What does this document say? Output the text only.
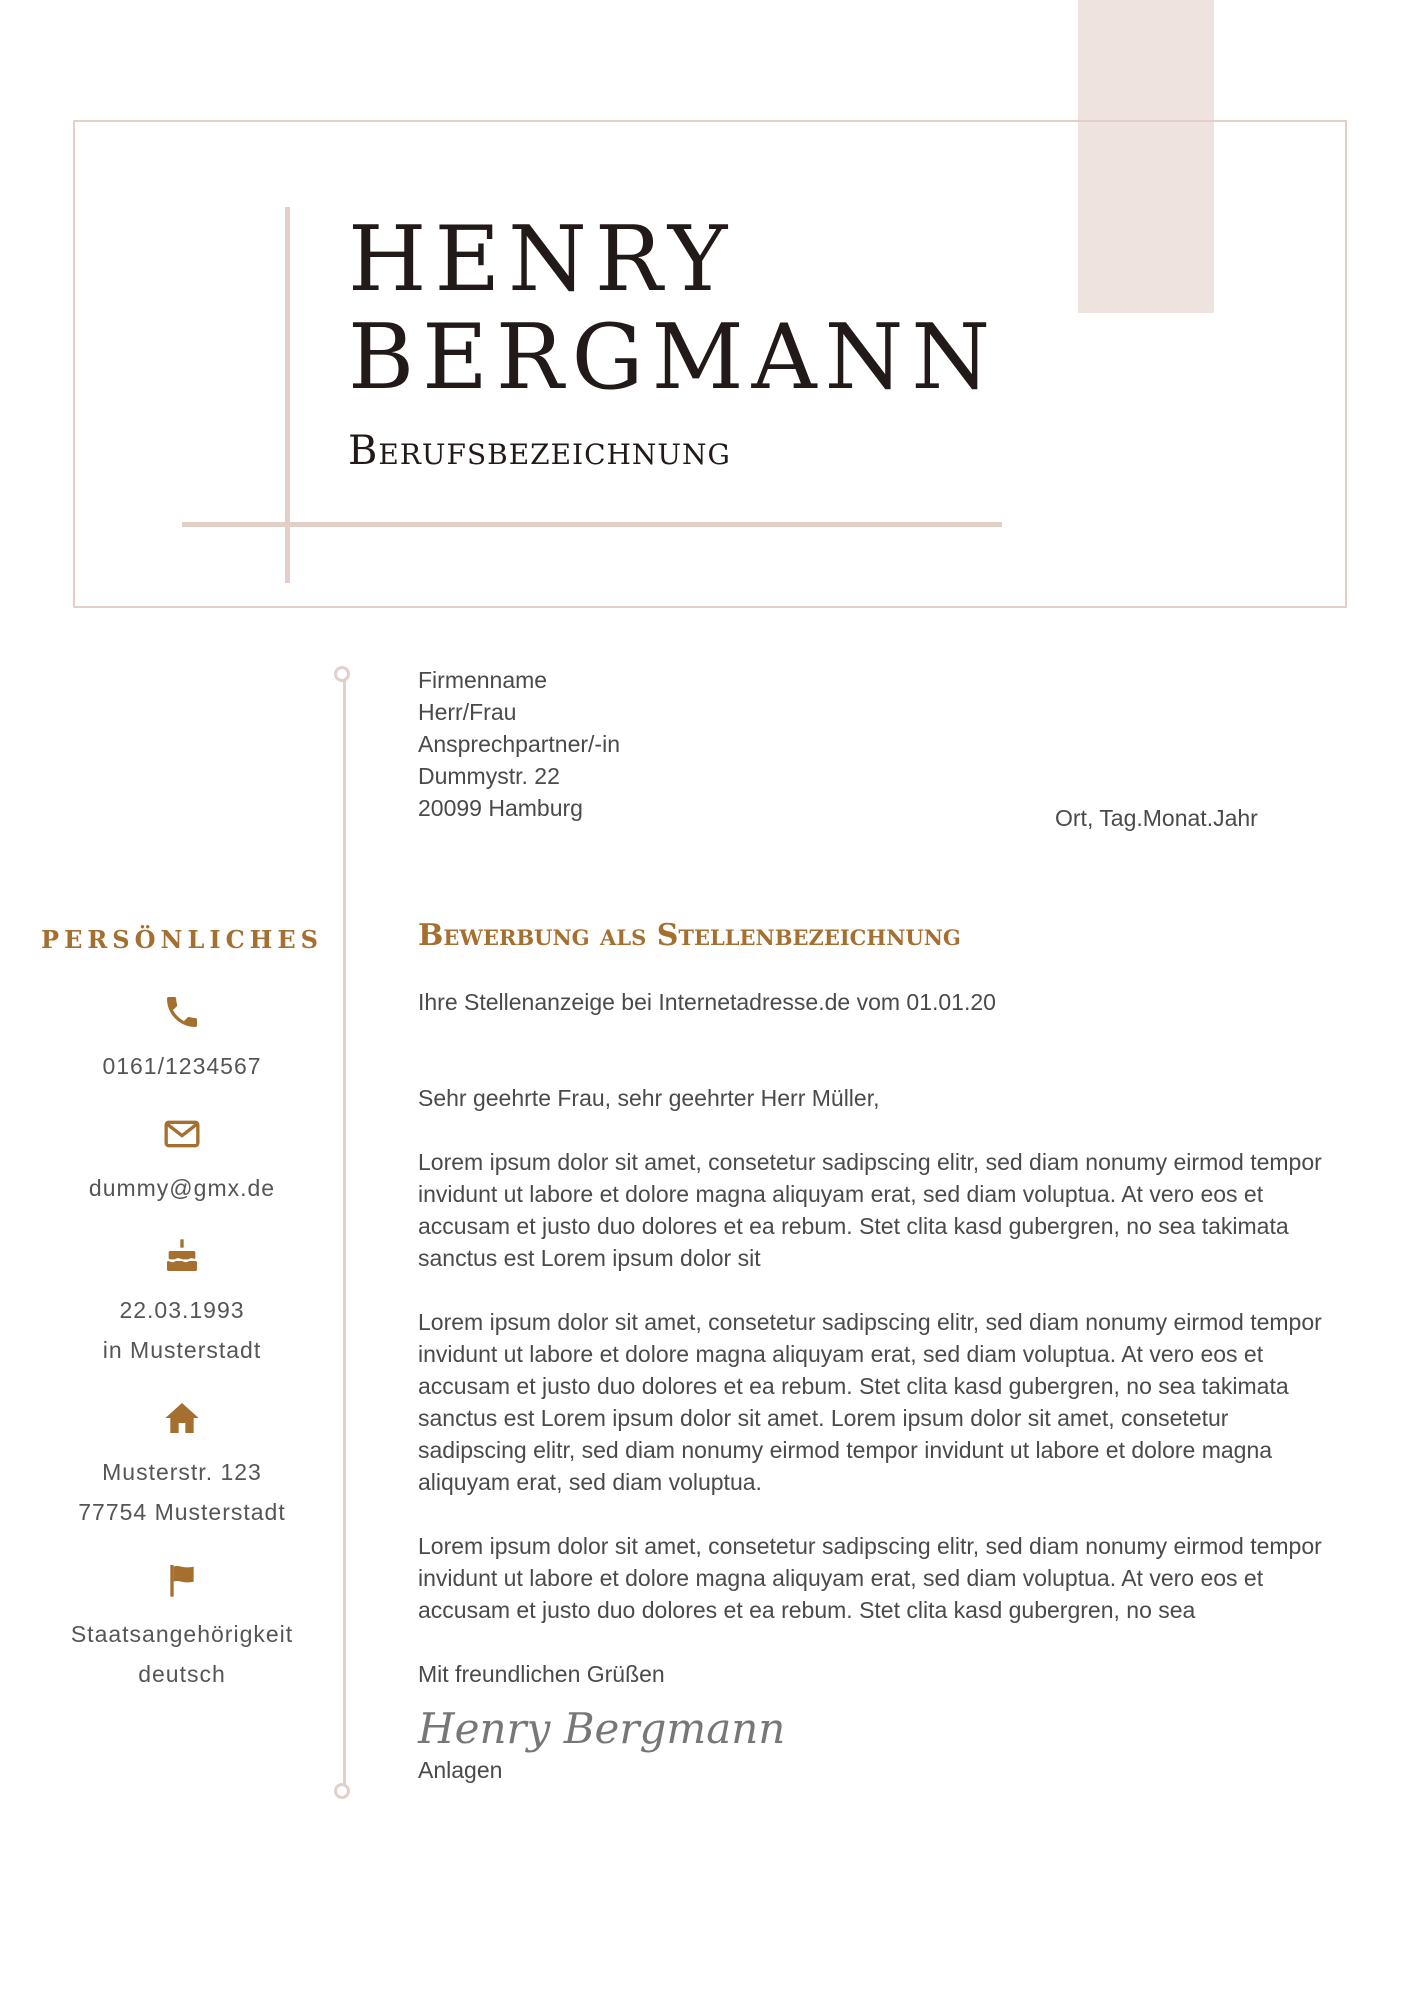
HENRY
BERGMANN
Berufsbezeichnung
PERSÖNLICHES
0161/1234567
dummy@gmx.de
22.03.1993
in Musterstadt
Musterstr. 123
77754 Musterstadt
Staatsangehörigkeit
deutsch

Firmenname
Herr/Frau
Ansprechpartner/-in
Dummystr. 22
20099 Hamburg	Ort, Tag.Monat.Jahr
Bewerbung als Stellenbezeichnung

Ihre Stellenanzeige bei Internetadresse.de vom 01.01.20

Sehr geehrte Frau, sehr geehrter Herr Müller,

Lorem ipsum dolor sit amet, consetetur sadipscing elitr, sed diam nonumy eirmod tempor invidunt ut labore et dolore magna aliquyam erat, sed diam voluptua. At vero eos et accusam et justo duo dolores et ea rebum. Stet clita kasd gubergren, no sea takimata sanctus est Lorem ipsum dolor sit

Lorem ipsum dolor sit amet, consetetur sadipscing elitr, sed diam nonumy eirmod tempor invidunt ut labore et dolore magna aliquyam erat, sed diam voluptua. At vero eos et accusam et justo duo dolores et ea rebum. Stet clita kasd gubergren, no sea takimata sanctus est Lorem ipsum dolor sit amet. Lorem ipsum dolor sit amet, consetetur sadipscing elitr, sed diam nonumy eirmod tempor invidunt ut labore et dolore magna aliquyam erat, sed diam voluptua.

Lorem ipsum dolor sit amet, consetetur sadipscing elitr, sed diam nonumy eirmod tempor invidunt ut labore et dolore magna aliquyam erat, sed diam voluptua. At vero eos et accusam et justo duo dolores et ea rebum. Stet clita kasd gubergren, no sea

Mit freundlichen Grüßen

Henry Bergmann

Anlagen
